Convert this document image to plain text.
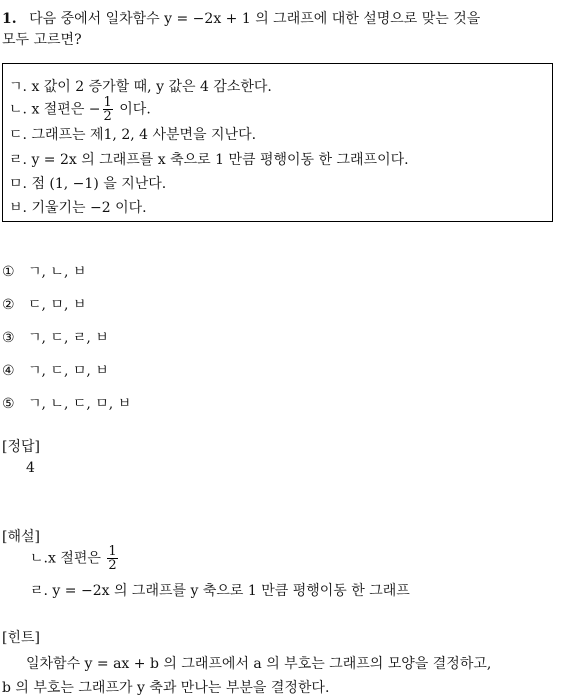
1. 다음 중에서 일차함수 y = −2x + 1 의 그래프에 대한 설명으로 맞는 것을
모두 고르면?
ㄱ. x 값이 2 증가할 때, y 값은 4 감소한다.
ㄴ. x 절편은 − $\frac{1}{2}$ 이다.
ㄷ. 그래프는 제1, 2, 4 사분면을 지난다.
ㄹ. y = 2x 의 그래프를 x 축으로 1 만큼 평행이동 한 그래프이다.
ㅁ. 점 (1, −1) 을 지난다.
ㅂ. 기울기는 −2 이다.
① ㄱ, ㄴ, ㅂ
② ㄷ, ㅁ, ㅂ
③ ㄱ, ㄷ, ㄹ, ㅂ
④ ㄱ, ㄷ, ㅁ, ㅂ
⑤ ㄱ, ㄴ, ㄷ, ㅁ, ㅂ
[정답]
4
[해설]
ㄴ.x 절편은 $\frac{1}{2}$
ㄹ. y = −2x 의 그래프를 y 축으로 1 만큼 평행이동 한 그래프
[힌트]
일차함수 y = ax + b 의 그래프에서 a 의 부호는 그래프의 모양을 결정하고,
b 의 부호는 그래프가 y 축과 만나는 부분을 결정한다.
